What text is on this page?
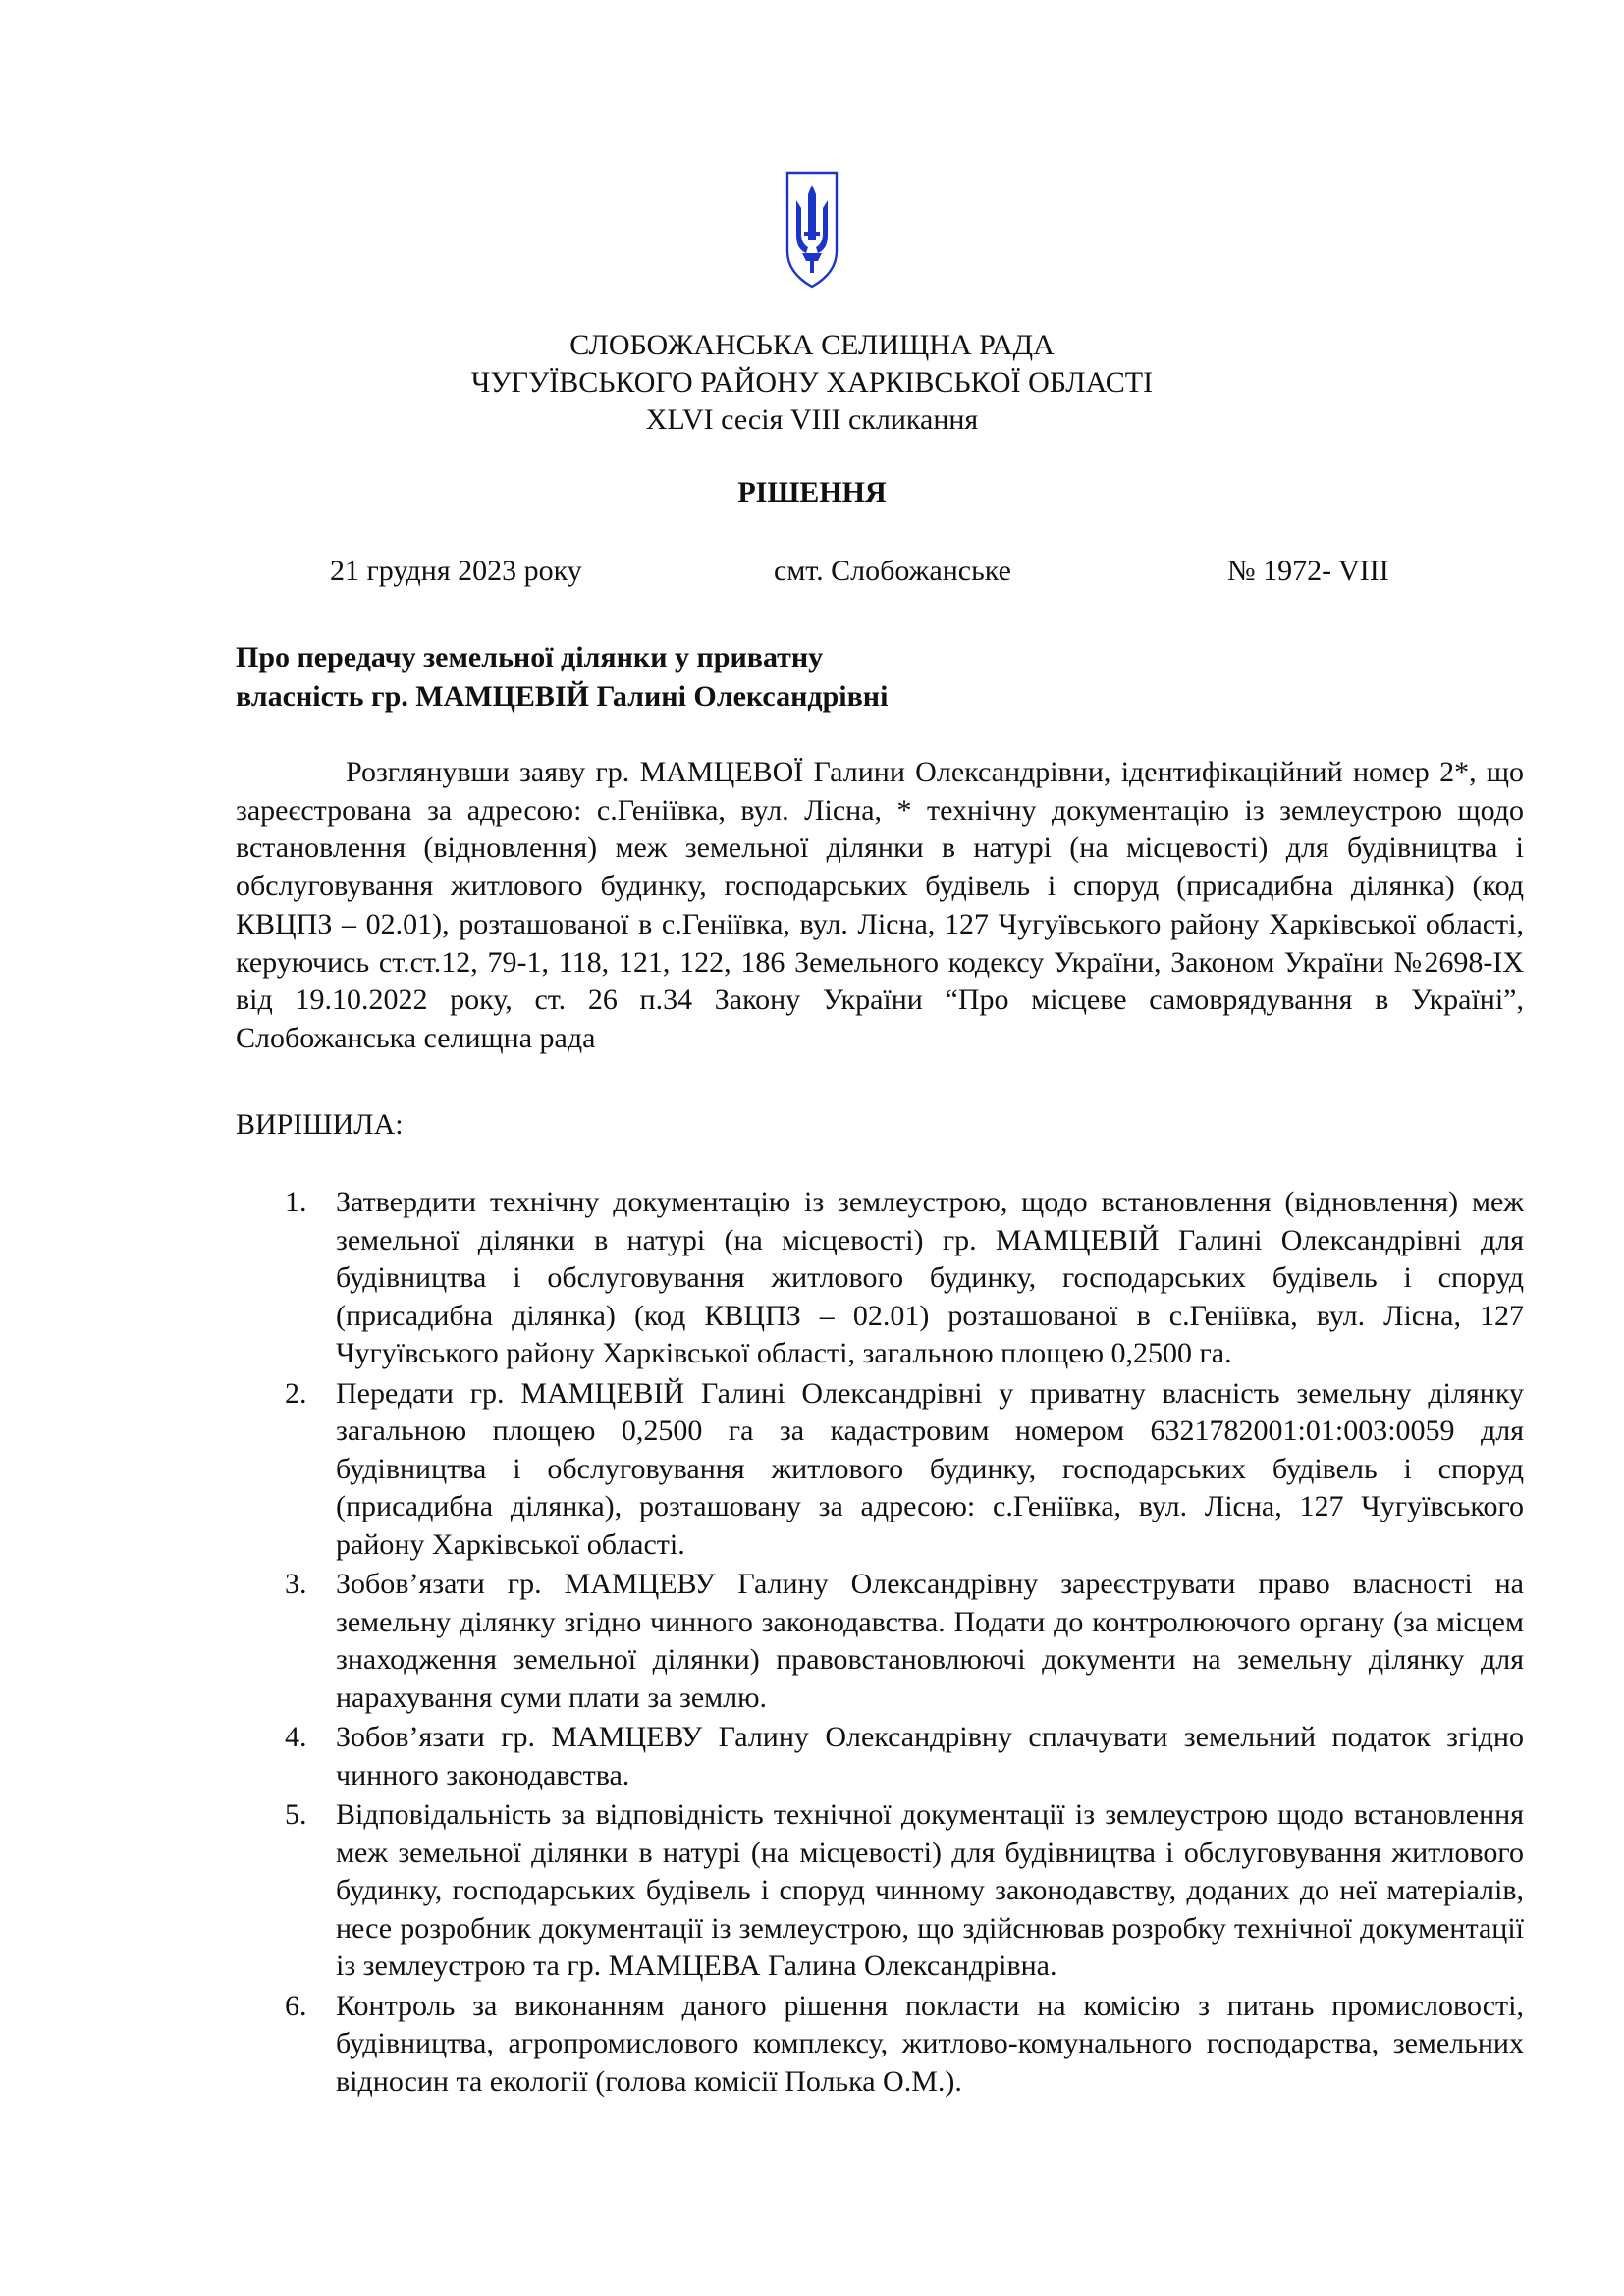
СЛОБОЖАНСЬКА СЕЛИЩНА РАДА
ЧУГУЇВСЬКОГО РАЙОНУ ХАРКІВСЬКОЇ ОБЛАСТІ
XLVI сесія VIII скликання
РІШЕННЯ
21 грудня 2023 року	смт. Слобожанське	№ 1972- VIII
Про передачу земельної ділянки у приватну
власність гр. МАМЦЕВІЙ Галині Олександрівні

Розглянувши заяву гр. МАМЦЕВОЇ Галини Олександрівни, ідентифікаційний номер 2*, що зареєстрована за адресою: с.Геніївка, вул. Лісна, * технічну документацію із землеустрою щодо встановлення (відновлення) меж земельної ділянки в натурі (на місцевості) для будівництва і обслуговування житлового будинку, господарських будівель і споруд (присадибна ділянка) (код КВЦПЗ – 02.01), розташованої в с.Геніївка, вул. Лісна, 127 Чугуївського району Харківської області, керуючись ст.ст.12, 79-1, 118, 121, 122, 186 Земельного кодексу України, Законом України №2698-ІХ від 19.10.2022 року, ст. 26 п.34 Закону України “Про місцеве самоврядування в Україні”, Слобожанська селищна рада

ВИРІШИЛА:
1. Затвердити технічну документацію із землеустрою, щодо встановлення (відновлення) меж земельної ділянки в натурі (на місцевості) гр. МАМЦЕВІЙ Галині Олександрівні для будівництва і обслуговування житлового будинку, господарських будівель і споруд (присадибна ділянка) (код КВЦПЗ – 02.01) розташованої в с.Геніївка, вул. Лісна, 127 Чугуївського району Харківської області, загальною площею 0,2500 га.
2. Передати гр. МАМЦЕВІЙ Галині Олександрівні у приватну власність земельну ділянку загальною площею 0,2500 га за кадастровим номером 6321782001:01:003:0059 для будівництва і обслуговування житлового будинку, господарських будівель і споруд (присадибна ділянка), розташовану за адресою: с.Геніївка, вул. Лісна, 127 Чугуївського району Харківської області.
3. Зобов’язати гр. МАМЦЕВУ Галину Олександрівну зареєструвати право власності на земельну ділянку згідно чинного законодавства. Подати до контролюючого органу (за місцем знаходження земельної ділянки) правовстановлюючі документи на земельну ділянку для нарахування суми плати за землю.
4. Зобов’язати гр. МАМЦЕВУ Галину Олександрівну сплачувати земельний податок згідно чинного законодавства.
5. Відповідальність за відповідність технічної документації із землеустрою щодо встановлення меж земельної ділянки в натурі (на місцевості) для будівництва і обслуговування житлового будинку, господарських будівель і споруд чинному законодавству, доданих до неї матеріалів, несе розробник документації із землеустрою, що здійснював розробку технічної документації із землеустрою та гр. МАМЦЕВА Галина Олександрівна.
6. Контроль за виконанням даного рішення покласти на комісію з питань промисловості, будівництва, агропромислового комплексу, житлово-комунального господарства, земельних відносин та екології (голова комісії Полька О.М.).
